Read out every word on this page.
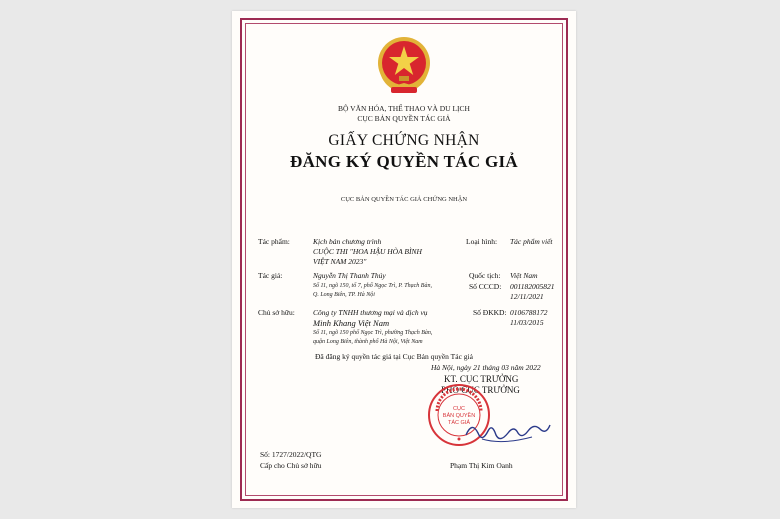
BỘ VĂN HÓA, THỂ THAO VÀ DU LỊCH
CỤC BẢN QUYỀN TÁC GIẢ
GIẤY CHỨNG NHẬN
ĐĂNG KÝ QUYỀN TÁC GIẢ
CỤC BẢN QUYỀN TÁC GIẢ CHỨNG NHẬN
Tác phẩm:	Kịch bản chương trình
CUỘC THI "HOA HẬU HÒA BÌNH
VIỆT NAM 2023"
Loại hình: Tác phẩm viết
Tác giả:	Nguyễn Thị Thanh Thúy
Số 11, ngõ 150, tổ 7, phố Ngọc Trì, P. Thạch Bàn,
Q. Long Biên, TP. Hà Nội
Quốc tịch: Việt Nam
Số CCCD: 001182005821
12/11/2021
Chủ sở hữu: Công ty TNHH thương mại và dịch vụ
Minh Khang Việt Nam
Số 11, ngõ 150 phố Ngọc Trì, phường Thạch Bàn,
quận Long Biên, thành phố Hà Nội, Việt Nam
Số ĐKKD: 0106788172
11/03/2015
Đã đăng ký quyền tác giả tại Cục Bản quyền Tác giả
Hà Nội, ngày 21 tháng 03 năm 2022
KT. CỤC TRƯỞNG
PHÓ CỤC TRƯỞNG
CỤC
BẢN QUYỀN
TÁC GIẢ
Số: 1727/2022/QTG
Cấp cho Chủ sở hữu	Phạm Thị Kim Oanh
